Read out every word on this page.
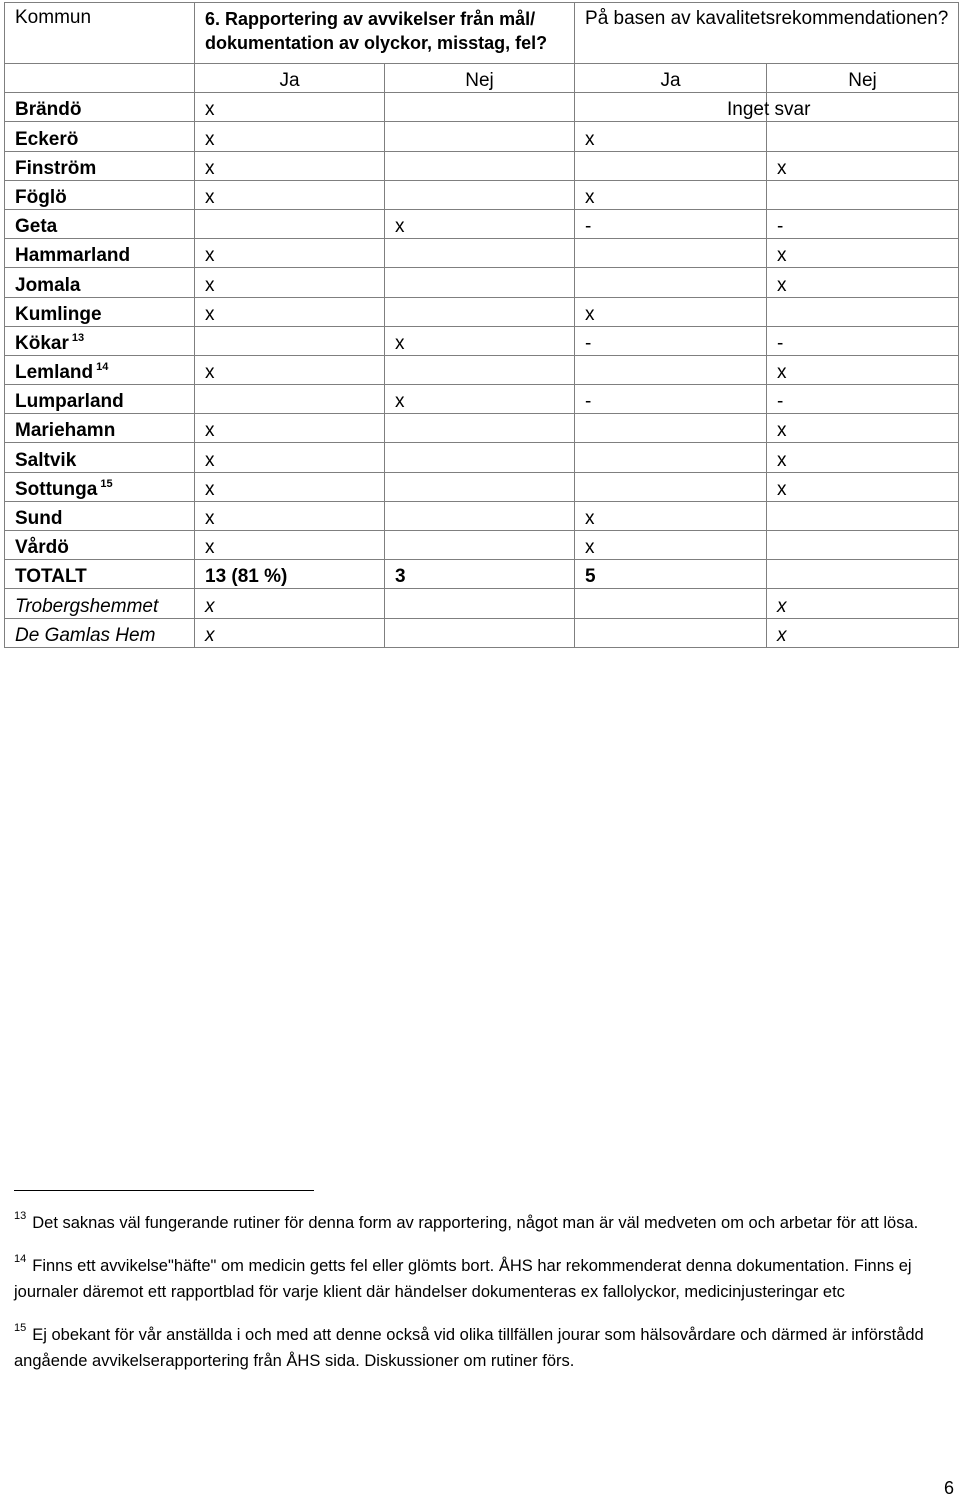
Kommun	6. Rapportering av avvikelser från mål/ dokumentation av olyckor, misstag, fel?		På basen av kavalitetsrekommendationen?	
	Ja	Nej	Ja	Nej
Brändö	x			Inget svar
Eckerö	x		x	
Finström	x			x
Föglö	x		x	
Geta		x	-	-
Hammarland	x			x
Jomala	x			x
Kumlinge	x		x	
Kökar $^{13}$		x	-	-
Lemland $^{14}$	x			x
Lumparland		x	-	-
Mariehamn	x			x
Saltvik	x			x
Sottunga $^{15}$	x			x
Sund	x		x	
Vårdö	x		x	
TOTALT	13 (81 %)	3	5	
Trobergshemmet	x			x
De Gamlas Hem	x			x
$^{13}$ Det saknas väl fungerande rutiner för denna form av rapportering, något man är väl medveten om och arbetar för att lösa.
$^{14}$ Finns ett avvikelse"häfte" om medicin getts fel eller glömts bort. ÅHS har rekommenderat denna dokumentation. Finns ej journaler däremot ett rapportblad för varje klient där händelser dokumenteras ex fallolyckor, medicinjusteringar etc
$^{15}$ Ej obekant för vår anställda i och med att denne också vid olika tillfällen jourar som hälsovårdare och därmed är införstådd angående avvikelserapportering från ÅHS sida. Diskussioner om rutiner förs.
6
